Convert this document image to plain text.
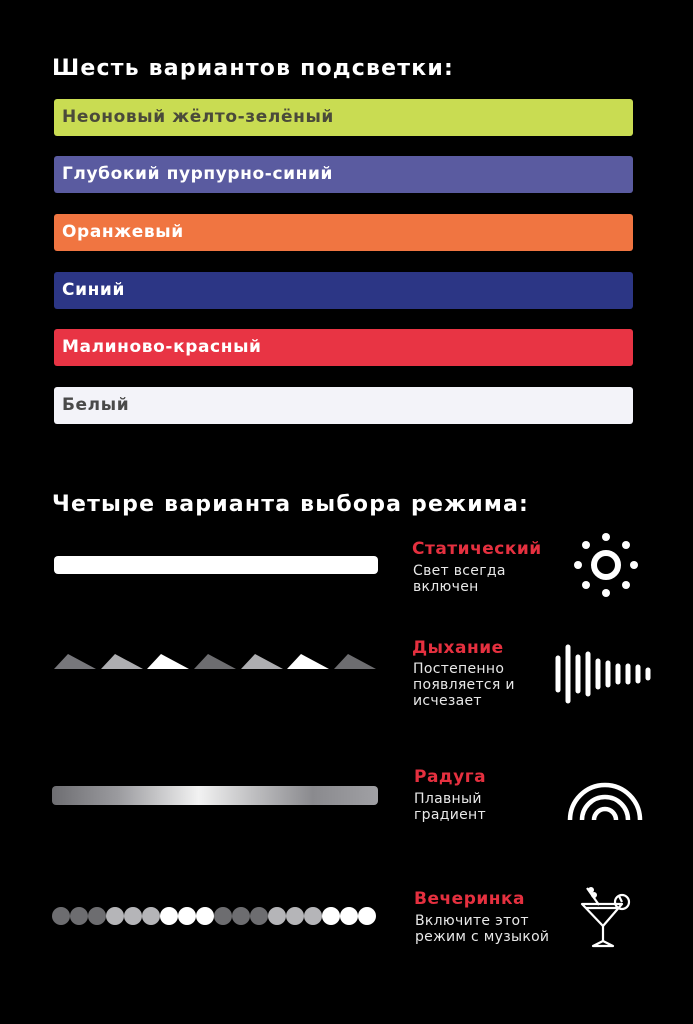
Шесть вариантов подсветки:
Неоновый жёлто-зелёный
Глубокий пурпурно-синий
Оранжевый
Синий
Малиново-красный
Белый
Четыре варианта выбора режима:
Статический
Свет всегда
включен
Дыхание
Постепенно
появляется и
исчезает
Радуга
Плавный
градиент
Вечеринка
Включите этот
режим с музыкой
